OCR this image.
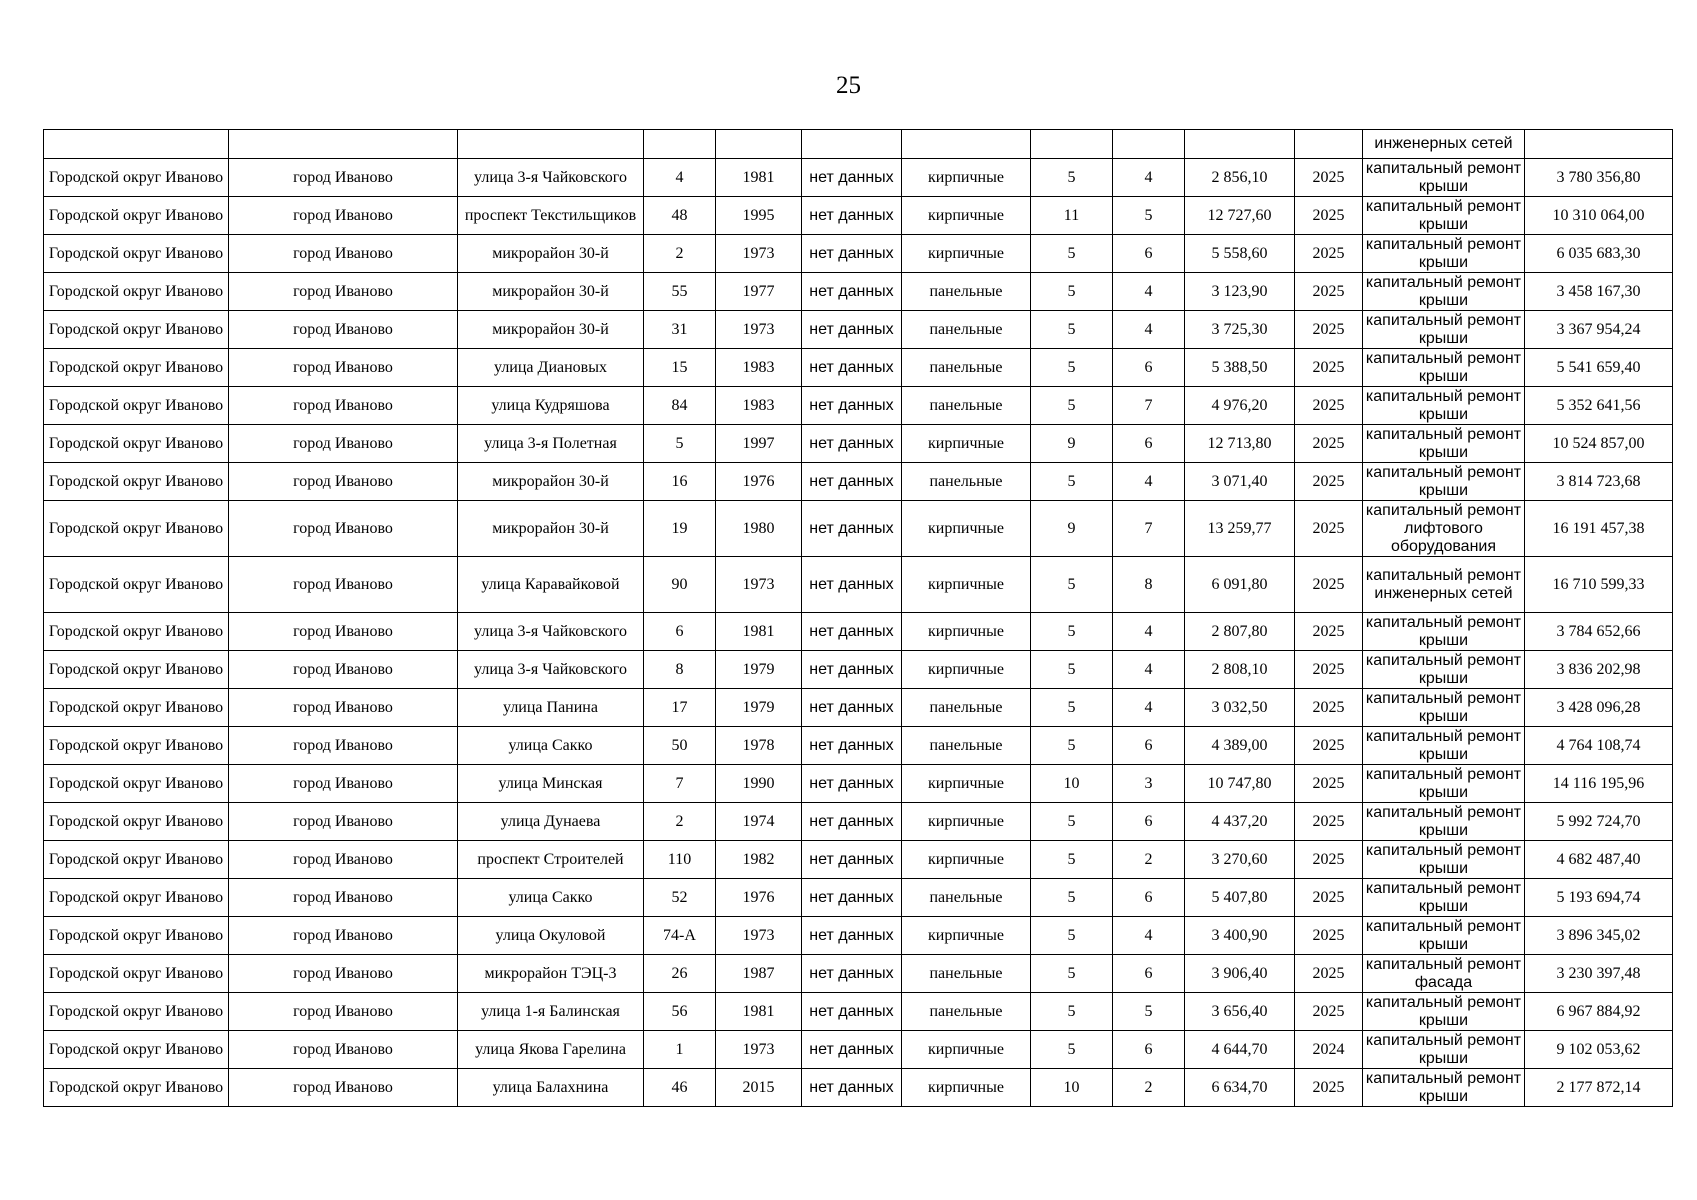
25
											инженерных сетей	
Городской округ Иваново	город Иваново	улица 3-я Чайковского	4	1981	нет данных	кирпичные	5	4	2 856,10	2025	капитальный ремонт крыши	3 780 356,80
Городской округ Иваново	город Иваново	проспект Текстильщиков	48	1995	нет данных	кирпичные	11	5	12 727,60	2025	капитальный ремонт крыши	10 310 064,00
Городской округ Иваново	город Иваново	микрорайон 30-й	2	1973	нет данных	кирпичные	5	6	5 558,60	2025	капитальный ремонт крыши	6 035 683,30
Городской округ Иваново	город Иваново	микрорайон 30-й	55	1977	нет данных	панельные	5	4	3 123,90	2025	капитальный ремонт крыши	3 458 167,30
Городской округ Иваново	город Иваново	микрорайон 30-й	31	1973	нет данных	панельные	5	4	3 725,30	2025	капитальный ремонт крыши	3 367 954,24
Городской округ Иваново	город Иваново	улица Диановых	15	1983	нет данных	панельные	5	6	5 388,50	2025	капитальный ремонт крыши	5 541 659,40
Городской округ Иваново	город Иваново	улица Кудряшова	84	1983	нет данных	панельные	5	7	4 976,20	2025	капитальный ремонт крыши	5 352 641,56
Городской округ Иваново	город Иваново	улица 3-я Полетная	5	1997	нет данных	кирпичные	9	6	12 713,80	2025	капитальный ремонт крыши	10 524 857,00
Городской округ Иваново	город Иваново	микрорайон 30-й	16	1976	нет данных	панельные	5	4	3 071,40	2025	капитальный ремонт крыши	3 814 723,68
Городской округ Иваново	город Иваново	микрорайон 30-й	19	1980	нет данных	кирпичные	9	7	13 259,77	2025	капитальный ремонт лифтового оборудования	16 191 457,38
Городской округ Иваново	город Иваново	улица Каравайковой	90	1973	нет данных	кирпичные	5	8	6 091,80	2025	капитальный ремонт инженерных сетей	16 710 599,33
Городской округ Иваново	город Иваново	улица 3-я Чайковского	6	1981	нет данных	кирпичные	5	4	2 807,80	2025	капитальный ремонт крыши	3 784 652,66
Городской округ Иваново	город Иваново	улица 3-я Чайковского	8	1979	нет данных	кирпичные	5	4	2 808,10	2025	капитальный ремонт крыши	3 836 202,98
Городской округ Иваново	город Иваново	улица Панина	17	1979	нет данных	панельные	5	4	3 032,50	2025	капитальный ремонт крыши	3 428 096,28
Городской округ Иваново	город Иваново	улица Сакко	50	1978	нет данных	панельные	5	6	4 389,00	2025	капитальный ремонт крыши	4 764 108,74
Городской округ Иваново	город Иваново	улица Минская	7	1990	нет данных	кирпичные	10	3	10 747,80	2025	капитальный ремонт крыши	14 116 195,96
Городской округ Иваново	город Иваново	улица Дунаева	2	1974	нет данных	кирпичные	5	6	4 437,20	2025	капитальный ремонт крыши	5 992 724,70
Городской округ Иваново	город Иваново	проспект Строителей	110	1982	нет данных	кирпичные	5	2	3 270,60	2025	капитальный ремонт крыши	4 682 487,40
Городской округ Иваново	город Иваново	улица Сакко	52	1976	нет данных	панельные	5	6	5 407,80	2025	капитальный ремонт крыши	5 193 694,74
Городской округ Иваново	город Иваново	улица Окуловой	74-А	1973	нет данных	кирпичные	5	4	3 400,90	2025	капитальный ремонт крыши	3 896 345,02
Городской округ Иваново	город Иваново	микрорайон ТЭЦ-3	26	1987	нет данных	панельные	5	6	3 906,40	2025	капитальный ремонт фасада	3 230 397,48
Городской округ Иваново	город Иваново	улица 1-я Балинская	56	1981	нет данных	панельные	5	5	3 656,40	2025	капитальный ремонт крыши	6 967 884,92
Городской округ Иваново	город Иваново	улица Якова Гарелина	1	1973	нет данных	кирпичные	5	6	4 644,70	2024	капитальный ремонт крыши	9 102 053,62
Городской округ Иваново	город Иваново	улица Балахнина	46	2015	нет данных	кирпичные	10	2	6 634,70	2025	капитальный ремонт крыши	2 177 872,14
